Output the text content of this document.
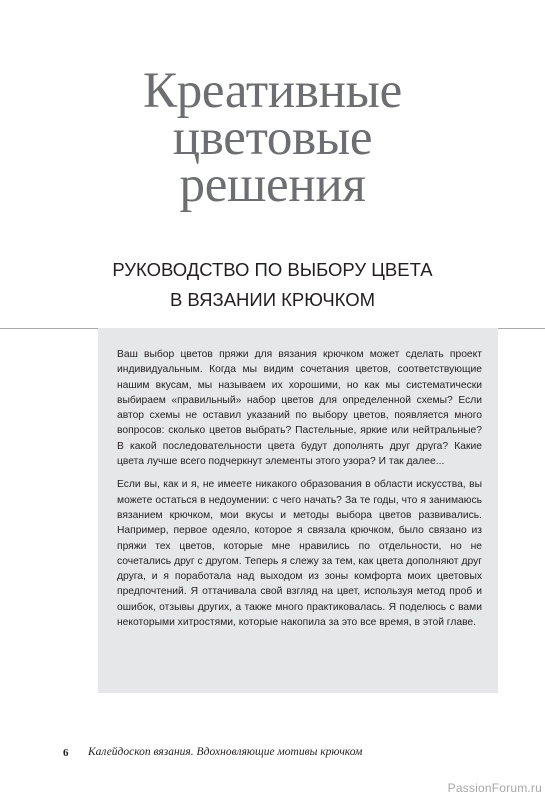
Креативные
цветовые
решения
РУКОВОДСТВО ПО ВЫБОРУ ЦВЕТА
В ВЯЗАНИИ КРЮЧКОМ

Ваш выбор цветов пряжи для вязания крючком может сделать проект индивидуальным. Когда мы видим сочетания цветов, соответствующие нашим вкусам, мы называем их хорошими, но как мы систематически выбираем «правильный» набор цветов для определенной схемы? Если автор схемы не оставил указаний по выбору цветов, появляется много вопросов: сколько цветов выбрать? Пастельные, яркие или нейтральные? В какой последовательности цвета будут дополнять друг друга? Какие цвета лучше всего подчеркнут элементы этого узора? И так далее...

Если вы, как и я, не имеете никакого образования в области искусства, вы можете остаться в недоумении: с чего начать? За те годы, что я занимаюсь вязанием крючком, мои вкусы и методы выбора цветов развивались. Например, первое одеяло, которое я связала крючком, было связано из пряжи тех цветов, которые мне нравились по отдельности, но не сочетались друг с другом. Теперь я слежу за тем, как цвета дополняют друг друга, и я поработала над выходом из зоны комфорта моих цветовых предпочтений. Я оттачивала свой взгляд на цвет, используя метод проб и ошибок, отзывы других, а также много практиковалась. Я поделюсь с вами некоторыми хитростями, которые накопила за это все время, в этой главе.

6 Калейдоскоп вязания. Вдохновляющие мотивы крючком
PassionForum.ru
